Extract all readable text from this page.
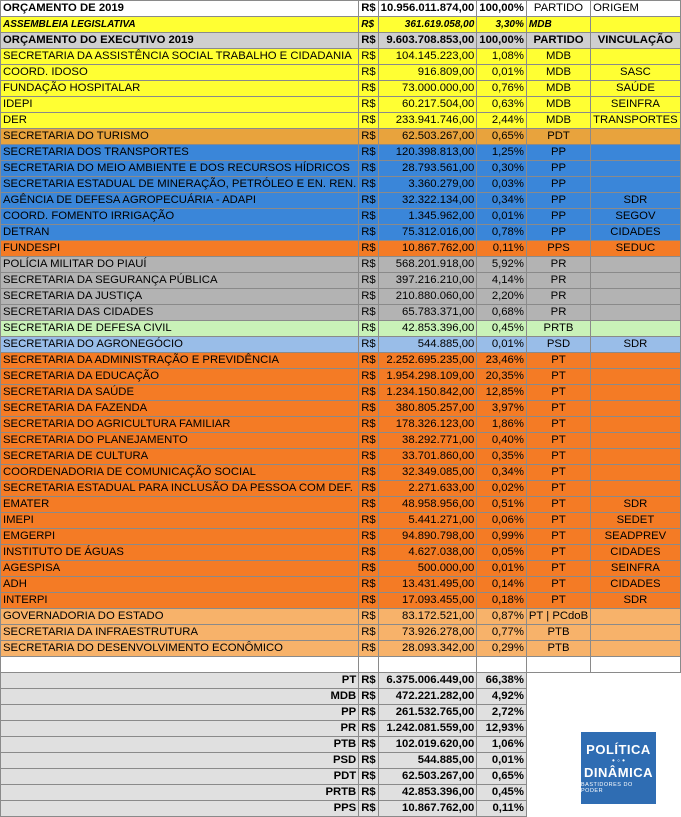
ORÇAMENTO DE 2019	R$	10.956.011.874,00	100,00%	PARTIDO	ORIGEM
ASSEMBLEIA LEGISLATIVA	R$	361.619.058,00	3,30%	MDB	
ORÇAMENTO DO EXECUTIVO 2019	R$	9.603.708.853,00	100,00%	PARTIDO	VINCULAÇÃO
SECRETARIA DA ASSISTÊNCIA SOCIAL TRABALHO E CIDADANIA	R$	104.145.223,00	1,08%	MDB	
COORD. IDOSO	R$	916.809,00	0,01%	MDB	SASC
FUNDAÇÃO HOSPITALAR	R$	73.000.000,00	0,76%	MDB	SAÚDE
IDEPI	R$	60.217.504,00	0,63%	MDB	SEINFRA
DER	R$	233.941.746,00	2,44%	MDB	TRANSPORTES
SECRETARIA DO TURISMO	R$	62.503.267,00	0,65%	PDT	
SECRETARIA DOS TRANSPORTES	R$	120.398.813,00	1,25%	PP	
SECRETARIA DO MEIO AMBIENTE E DOS RECURSOS HÍDRICOS	R$	28.793.561,00	0,30%	PP	
SECRETARIA ESTADUAL DE MINERAÇÃO, PETRÓLEO E EN. REN.	R$	3.360.279,00	0,03%	PP	
AGÊNCIA DE DEFESA AGROPECUÁRIA - ADAPI	R$	32.322.134,00	0,34%	PP	SDR
COORD. FOMENTO IRRIGAÇÃO	R$	1.345.962,00	0,01%	PP	SEGOV
DETRAN	R$	75.312.016,00	0,78%	PP	CIDADES
FUNDESPI	R$	10.867.762,00	0,11%	PPS	SEDUC
POLÍCIA MILITAR DO PIAUÍ	R$	568.201.918,00	5,92%	PR	
SECRETARIA DA SEGURANÇA PÚBLICA	R$	397.216.210,00	4,14%	PR	
SECRETARIA DA JUSTIÇA	R$	210.880.060,00	2,20%	PR	
SECRETARIA DAS CIDADES	R$	65.783.371,00	0,68%	PR	
SECRETARIA DE DEFESA CIVIL	R$	42.853.396,00	0,45%	PRTB	
SECRETARIA DO AGRONEGÓCIO	R$	544.885,00	0,01%	PSD	SDR
SECRETARIA DA ADMINISTRAÇÃO E PREVIDÊNCIA	R$	2.252.695.235,00	23,46%	PT	
SECRETARIA DA EDUCAÇÃO	R$	1.954.298.109,00	20,35%	PT	
SECRETARIA DA SAÚDE	R$	1.234.150.842,00	12,85%	PT	
SECRETARIA DA FAZENDA	R$	380.805.257,00	3,97%	PT	
SECRETARIA DO AGRICULTURA FAMILIAR	R$	178.326.123,00	1,86%	PT	
SECRETARIA DO PLANEJAMENTO	R$	38.292.771,00	0,40%	PT	
SECRETARIA DE CULTURA	R$	33.701.860,00	0,35%	PT	
COORDENADORIA DE COMUNICAÇÃO SOCIAL	R$	32.349.085,00	0,34%	PT	
SECRETARIA ESTADUAL PARA INCLUSÃO DA PESSOA COM DEF.	R$	2.271.633,00	0,02%	PT	
EMATER	R$	48.958.956,00	0,51%	PT	SDR
IMEPI	R$	5.441.271,00	0,06%	PT	SEDET
EMGERPI	R$	94.890.798,00	0,99%	PT	SEADPREV
INSTITUTO DE ÁGUAS	R$	4.627.038,00	0,05%	PT	CIDADES
AGESPISA	R$	500.000,00	0,01%	PT	SEINFRA
ADH	R$	13.431.495,00	0,14%	PT	CIDADES
INTERPI	R$	17.093.455,00	0,18%	PT	SDR
GOVERNADORIA DO ESTADO	R$	83.172.521,00	0,87%	PT | PCdoB	
SECRETARIA DA INFRAESTRUTURA	R$	73.926.278,00	0,77%	PTB	
SECRETARIA DO DESENVOLVIMENTO ECONÔMICO	R$	28.093.342,00	0,29%	PTB	

PT	R$	6.375.006.449,00	66,38%		
MDB	R$	472.221.282,00	4,92%		
PP	R$	261.532.765,00	2,72%		
PR	R$	1.242.081.559,00	12,93%		
PTB	R$	102.019.620,00	1,06%		
PSD	R$	544.885,00	0,01%		
PDT	R$	62.503.267,00	0,65%		
PRTB	R$	42.853.396,00	0,45%		
PPS	R$	10.867.762,00	0,11%		
POLÍTICA
• ◦ •
DINÂMICA
BASTIDORES DO PODER
